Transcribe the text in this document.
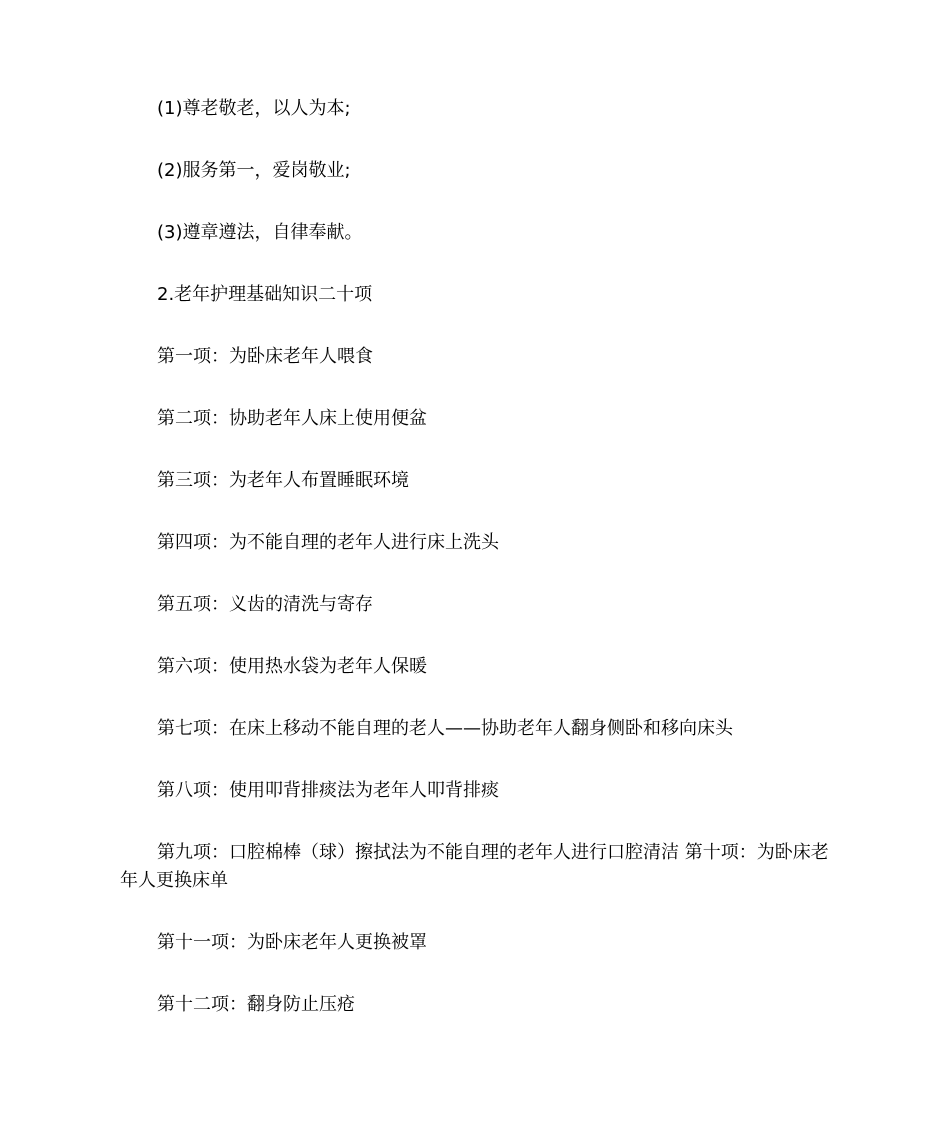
(1)尊老敬老，以人为本;

(2)服务第一，爱岗敬业;

(3)遵章遵法，自律奉献。

2.老年护理基础知识二十项

第一项：为卧床老年人喂食

第二项：协助老年人床上使用便盆

第三项：为老年人布置睡眠环境

第四项：为不能自理的老年人进行床上洗头

第五项：义齿的清洗与寄存

第六项：使用热水袋为老年人保暖

第七项：在床上移动不能自理的老人——协助老年人翻身侧卧和移向床头

第八项：使用叩背排痰法为老年人叩背排痰

第九项：口腔棉棒（球）擦拭法为不能自理的老年人进行口腔清洁 第十项：为卧床老年人更换床单

第十一项：为卧床老年人更换被罩

第十二项：翻身防止压疮
